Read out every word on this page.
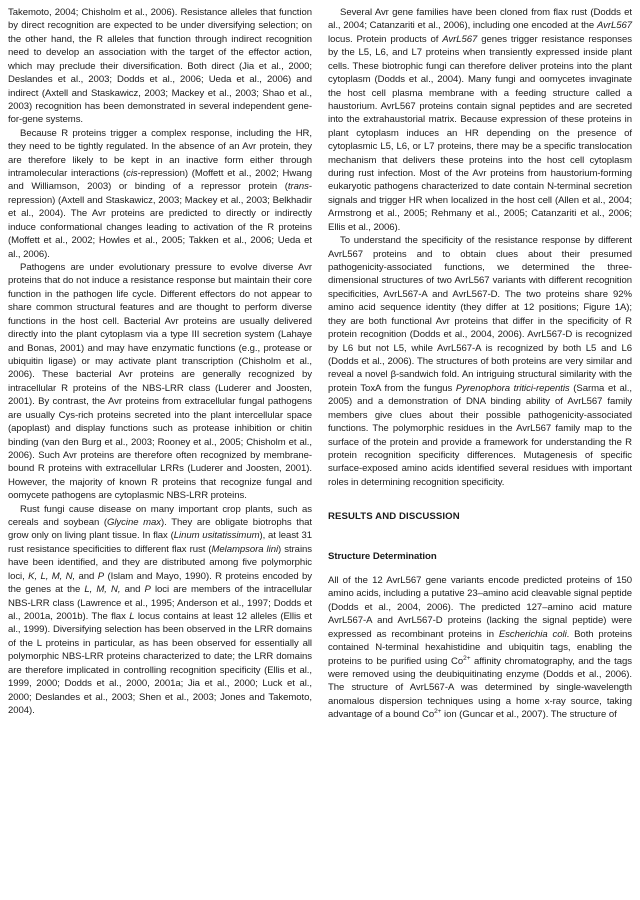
Takemoto, 2004; Chisholm et al., 2006). Resistance alleles that function by direct recognition are expected to be under diversifying selection; on the other hand, the R alleles that function through indirect recognition need to develop an association with the target of the effector action, which may preclude their diversification. Both direct (Jia et al., 2000; Deslandes et al., 2003; Dodds et al., 2006; Ueda et al., 2006) and indirect (Axtell and Staskawicz, 2003; Mackey et al., 2003; Shao et al., 2003) recognition has been demonstrated in several independent gene-for-gene systems.

Because R proteins trigger a complex response, including the HR, they need to be tightly regulated. In the absence of an Avr protein, they are therefore likely to be kept in an inactive form either through intramolecular interactions (cis-repression) (Moffett et al., 2002; Hwang and Williamson, 2003) or binding of a repressor protein (trans-repression) (Axtell and Staskawicz, 2003; Mackey et al., 2003; Belkhadir et al., 2004). The Avr proteins are predicted to directly or indirectly induce conformational changes leading to activation of the R proteins (Moffett et al., 2002; Howles et al., 2005; Takken et al., 2006; Ueda et al., 2006).

Pathogens are under evolutionary pressure to evolve diverse Avr proteins that do not induce a resistance response but maintain their core function in the pathogen life cycle. Different effectors do not appear to share common structural features and are thought to perform diverse functions in the host cell. Bacterial Avr proteins are usually delivered directly into the plant cytoplasm via a type III secretion system (Lahaye and Bonas, 2001) and may have enzymatic functions (e.g., protease or ubiquitin ligase) or may activate plant transcription (Chisholm et al., 2006). These bacterial Avr proteins are generally recognized by intracellular R proteins of the NBS-LRR class (Luderer and Joosten, 2001). By contrast, the Avr proteins from extracellular fungal pathogens are usually Cys-rich proteins secreted into the plant intercellular space (apoplast) and display functions such as protease inhibition or chitin binding (van den Burg et al., 2003; Rooney et al., 2005; Chisholm et al., 2006). Such Avr proteins are therefore often recognized by membrane-bound R proteins with extracellular LRRs (Luderer and Joosten, 2001). However, the majority of known R proteins that recognize fungal and oomycete pathogens are cytoplasmic NBS-LRR proteins.

Rust fungi cause disease on many important crop plants, such as cereals and soybean (Glycine max). They are obligate biotrophs that grow only on living plant tissue. In flax (Linum usitatissimum), at least 31 rust resistance specificities to different flax rust (Melampsora lini) strains have been identified, and they are distributed among five polymorphic loci, K, L, M, N, and P (Islam and Mayo, 1990). R proteins encoded by the genes at the L, M, N, and P loci are members of the intracellular NBS-LRR class (Lawrence et al., 1995; Anderson et al., 1997; Dodds et al., 2001a, 2001b). The flax L locus contains at least 12 alleles (Ellis et al., 1999). Diversifying selection has been observed in the LRR domains of the L proteins in particular, as has been observed for essentially all polymorphic NBS-LRR proteins characterized to date; the LRR domains are therefore implicated in controlling recognition specificity (Ellis et al., 1999, 2000; Dodds et al., 2000, 2001a; Jia et al., 2000; Luck et al., 2000; Deslandes et al., 2003; Shen et al., 2003; Jones and Takemoto, 2004).

Several Avr gene families have been cloned from flax rust (Dodds et al., 2004; Catanzariti et al., 2006), including one encoded at the AvrL567 locus. Protein products of AvrL567 genes trigger resistance responses by the L5, L6, and L7 proteins when transiently expressed inside plant cells. These biotrophic fungi can therefore deliver proteins into the plant cytoplasm (Dodds et al., 2004). Many fungi and oomycetes invaginate the host cell plasma membrane with a feeding structure called a haustorium. AvrL567 proteins contain signal peptides and are secreted into the extrahaustorial matrix. Because expression of these proteins in plant cytoplasm induces an HR depending on the presence of cytoplasmic L5, L6, or L7 proteins, there may be a specific translocation mechanism that delivers these proteins into the host cell cytoplasm during rust infection. Most of the Avr proteins from haustorium-forming eukaryotic pathogens characterized to date contain N-terminal secretion signals and trigger HR when localized in the host cell (Allen et al., 2004; Armstrong et al., 2005; Rehmany et al., 2005; Catanzariti et al., 2006; Ellis et al., 2006).

To understand the specificity of the resistance response by different AvrL567 proteins and to obtain clues about their presumed pathogenicity-associated functions, we determined the three-dimensional structures of two AvrL567 variants with different recognition specificities, AvrL567-A and AvrL567-D. The two proteins share 92% amino acid sequence identity (they differ at 12 positions; Figure 1A); they are both functional Avr proteins that differ in the specificity of R protein recognition (Dodds et al., 2004, 2006). AvrL567-D is recognized by L6 but not L5, while AvrL567-A is recognized by both L5 and L6 (Dodds et al., 2006). The structures of both proteins are very similar and reveal a novel β-sandwich fold. An intriguing structural similarity with the protein ToxA from the fungus Pyrenophora tritici-repentis (Sarma et al., 2005) and a demonstration of DNA binding ability of AvrL567 family members give clues about their possible pathogenicity-associated functions. The polymorphic residues in the AvrL567 family map to the surface of the protein and provide a framework for understanding the R protein recognition specificity differences. Mutagenesis of specific surface-exposed amino acids identified several residues with important roles in determining recognition specificity.

RESULTS AND DISCUSSION
Structure Determination

All of the 12 AvrL567 gene variants encode predicted proteins of 150 amino acids, including a putative 23–amino acid cleavable signal peptide (Dodds et al., 2004, 2006). The predicted 127–amino acid mature AvrL567-A and AvrL567-D proteins (lacking the signal peptide) were expressed as recombinant proteins in Escherichia coli. Both proteins contained N-terminal hexahistidine and ubiquitin tags, enabling the proteins to be purified using $Co^{2+}$ affinity chromatography, and the tags were removed using the deubiquitinating enzyme (Dodds et al., 2006). The structure of AvrL567-A was determined by single-wavelength anomalous dispersion techniques using a home x-ray source, taking advantage of a bound $Co^{2+}$ ion (Guncar et al., 2007). The structure of
